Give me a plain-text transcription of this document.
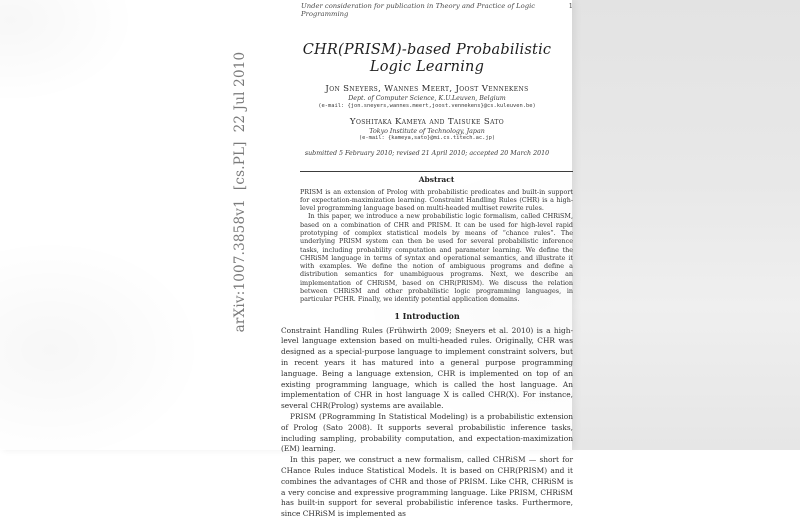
arXiv:1007.3858v1  [cs.PL]  22 Jul 2010
Under consideration for publication in Theory and Practice of Logic Programming
1
CHR(PRISM)-based Probabilistic Logic Learning
Jon Sneyers, Wannes Meert, Joost Vennekens
Dept. of Computer Science, K.U.Leuven, Belgium
(e-mail: {jon.sneyers,wannes.meert,joost.vennekens}@cs.kuleuven.be)
Yoshitaka Kameya and Taisuke Sato
Tokyo Institute of Technology, Japan
(e-mail: {kameya,sato}@mi.cs.titech.ac.jp)
submitted 5 February 2010; revised 21 April 2010; accepted 20 March 2010
Abstract

PRISM is an extension of Prolog with probabilistic predicates and built-in support for expectation-maximization learning. Constraint Handling Rules (CHR) is a high-level programming language based on multi-headed multiset rewrite rules.

In this paper, we introduce a new probabilistic logic formalism, called CHRiSM, based on a combination of CHR and PRISM. It can be used for high-level rapid prototyping of complex statistical models by means of “chance rules”. The underlying PRISM system can then be used for several probabilistic inference tasks, including probability computation and parameter learning. We define the CHRiSM language in terms of syntax and operational semantics, and illustrate it with examples. We define the notion of ambiguous programs and define a distribution semantics for unambiguous programs. Next, we describe an implementation of CHRiSM, based on CHR(PRISM). We discuss the relation between CHRiSM and other probabilistic logic programming languages, in particular PCHR. Finally, we identify potential application domains.

1 Introduction

Constraint Handling Rules (Frühwirth 2009; Sneyers et al. 2010) is a high-level language extension based on multi-headed rules. Originally, CHR was designed as a special-purpose language to implement constraint solvers, but in recent years it has matured into a general purpose programming language. Being a language extension, CHR is implemented on top of an existing programming language, which is called the host language. An implementation of CHR in host language X is called CHR(X). For instance, several CHR(Prolog) systems are available.

PRISM (PRogramming In Statistical Modeling) is a probabilistic extension of Prolog (Sato 2008). It supports several probabilistic inference tasks, including sampling, probability computation, and expectation-maximization (EM) learning.

In this paper, we construct a new formalism, called CHRiSM — short for CHance Rules induce Statistical Models. It is based on CHR(PRISM) and it combines the advantages of CHR and those of PRISM. Like CHR, CHRiSM is a very concise and expressive programming language. Like PRISM, CHRiSM has built-in support for several probabilistic inference tasks. Furthermore, since CHRiSM is implemented as
